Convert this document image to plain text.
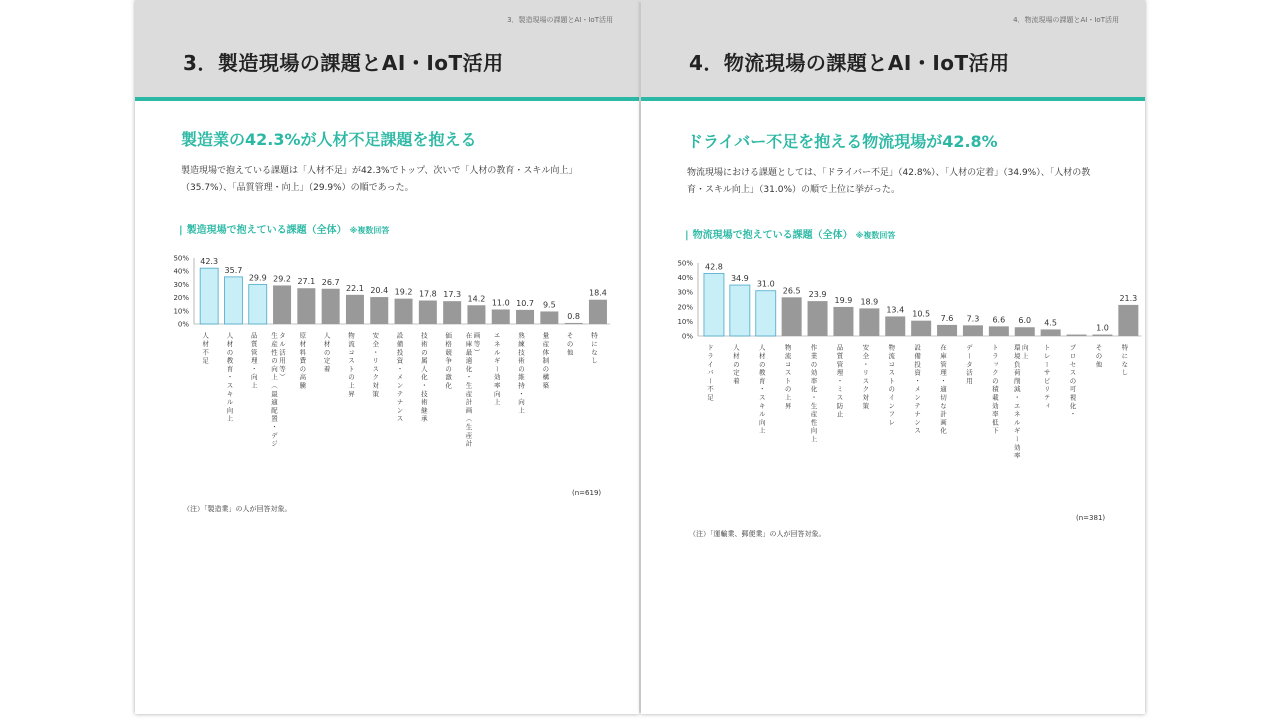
3．製造現場の課題とAI・IoT活用
3．製造現場の課題とAI・IoT活用
製造業の42.3%が人材不足課題を抱える
製造現場で抱えている課題は「人材不足」が42.3%でトップ、次いで「人材の教育・スキル向上」（35.7%）、「品質管理・向上」（29.9%）の順であった。
| 製造現場で抱えている課題（全体） ※複数回答
50%
40%
30%
20%
10%
0%
42.3
人材不足
35.7
人材の教育・スキル向上
29.9
品質管理・向上
29.2
生産性の向上（最適配置・デジ タル活用等）
27.1
原材料費の高騰
26.7
人材の定着
22.1
物流コストの上昇
20.4
安全・リスク対策
19.2
設備投資・メンテナンス
17.8
技術の属人化・技術継承
17.3
価格競争の激化
14.2
在庫最適化・生産計画（生産計 画等）
11.0
エネルギー効率向上
10.7
熟練技術の維持・向上
9.5
量産体制の構築
0.8
その他
18.4
特になし
(n=619)
（注）「製造業」の人が回答対象。
4．物流現場の課題とAI・IoT活用
4．物流現場の課題とAI・IoT活用
ドライバー不足を抱える物流現場が42.8%
物流現場における課題としては、「ドライバー不足」（42.8%）、「人材の定着」（34.9%）、「人材の教育・スキル向上」（31.0%）の順で上位に挙がった。
| 物流現場で抱えている課題（全体） ※複数回答
50%
40%
30%
20%
10%
0%
42.8
ドライバー不足
34.9
人材の定着
31.0
人材の教育・スキル向上
26.5
物流コストの上昇
23.9
作業の効率化・生産性向上
19.9
品質管理・ミス防止
18.9
安全・リスク対策
13.4
物流コストのインフレ
10.5
設備投資・メンテナンス
7.6
在庫管理・適切な計画化
7.3
データ活用
6.6
トラックの積載効率低下
6.0
環境負荷削減・エネルギー効率 向上
4.5
トレーサビリティ	プロセスの可視化・
1.0
その他
21.3
特になし
(n=381)
（注）「運輸業、郵便業」の人が回答対象。
